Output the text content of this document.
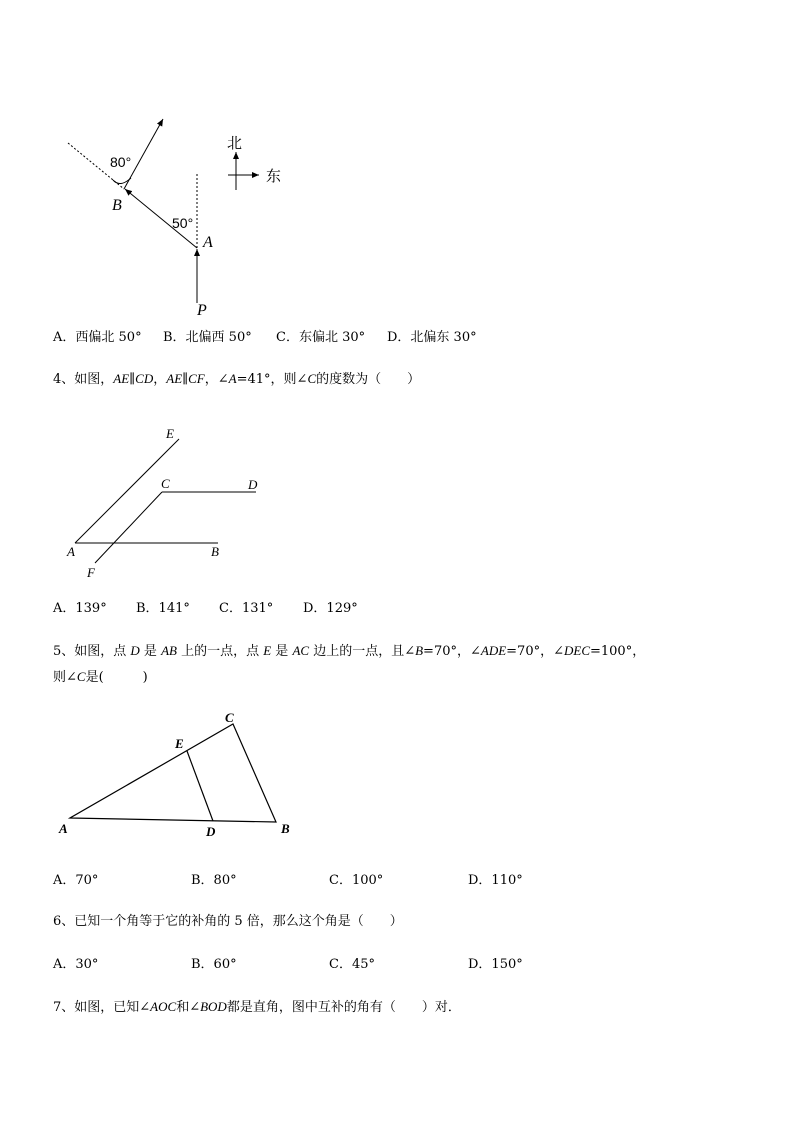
80°
50°
B
A
P
北
东
A．西偏北 50° B．北偏西 50° C．东偏北 30° D．北偏东 30°
4、如图，AE∥CD，AE∥CF，∠A=41°，则∠C的度数为（　　）
E
C	D
A	B
F
A．139° B．141° C．131° D．129°
5、如图，点 D 是 AB 上的一点，点 E 是 AC 边上的一点，且∠B=70°，∠ADE=70°，∠DEC=100°，
则∠C是(　　　)
A	B
C
D
E
A．70°	B．80°	C．100°	D．110°
6、已知一个角等于它的补角的 5 倍，那么这个角是（　　）
A．30°	B．60°	C．45°	D．150°
7、如图，已知∠AOC和∠BOD都是直角，图中互补的角有（　　）对．
